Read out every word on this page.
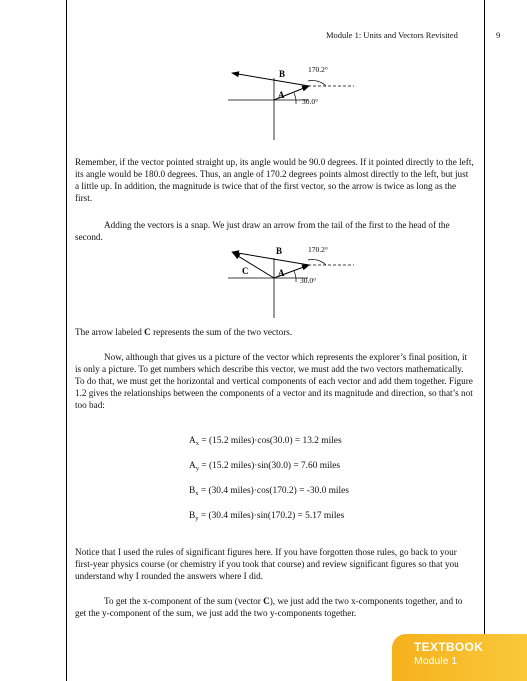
Module 1: Units and Vectors Revisited	9
B
A
170.2°
30.0°

Remember, if the vector pointed straight up, its angle would be 90.0 degrees. If it pointed directly to the left, its angle would be 180.0 degrees. Thus, an angle of 170.2 degrees points almost directly to the left, but just a little up. In addition, the magnitude is twice that of the first vector, so the arrow is twice as long as the first.

Adding the vectors is a snap. We just draw an arrow from the tail of the first to the head of the second.

B
A
C
170.2°
30.0°

The arrow labeled C represents the sum of the two vectors.

Now, although that gives us a picture of the vector which represents the explorer’s final position, it is only a picture. To get numbers which describe this vector, we must add the two vectors mathematically. To do that, we must get the horizontal and vertical components of each vector and add them together. Figure 1.2 gives the relationships between the components of a vector and its magnitude and direction, so that’s not too bad:

$A_x = (15.2$ miles)·cos(30.0) = 13.2 miles
$A_y = (15.2$ miles)·sin(30.0) = 7.60 miles
$B_x = (30.4$ miles)·cos(170.2) = -30.0 miles
$B_y = (30.4$ miles)·sin(170.2) = 5.17 miles

Notice that I used the rules of significant figures here. If you have forgotten those rules, go back to your first-year physics course (or chemistry if you took that course) and review significant figures so that you understand why I rounded the answers where I did.

To get the x-component of the sum (vector C), we just add the two x-components together, and to get the y-component of the sum, we just add the two y-components together.

TEXTBOOK
Module 1
